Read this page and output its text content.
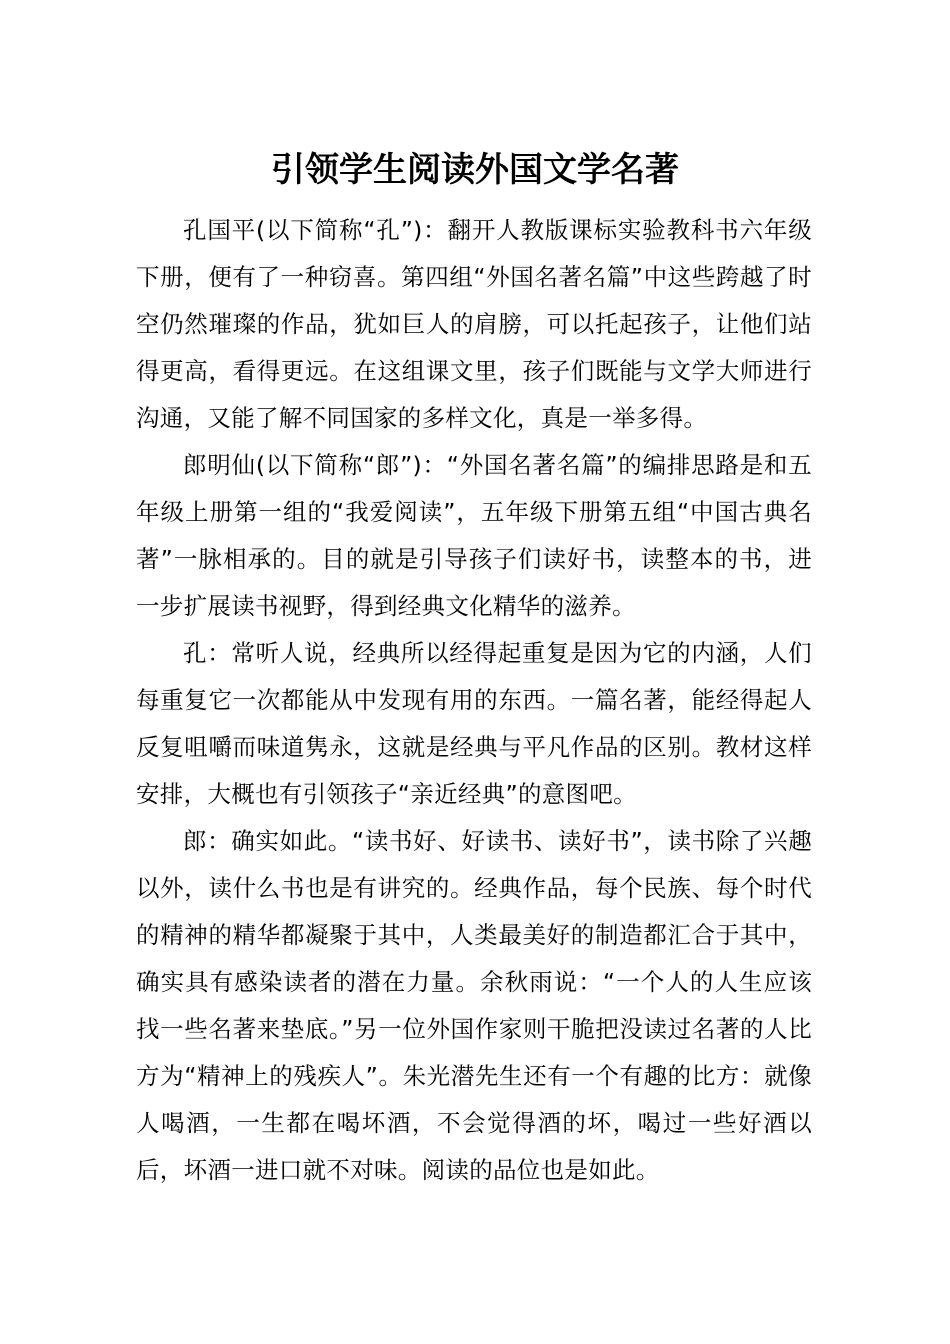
引领学生阅读外国文学名著

孔国平(以下简称“孔”)：翻开人教版课标实验教科书六年级下册，便有了一种窃喜。第四组“外国名著名篇”中这些跨越了时空仍然璀璨的作品，犹如巨人的肩膀，可以托起孩子，让他们站得更高，看得更远。在这组课文里，孩子们既能与文学大师进行沟通，又能了解不同国家的多样文化，真是一举多得。

郎明仙(以下简称“郎”)：“外国名著名篇”的编排思路是和五年级上册第一组的“我爱阅读”，五年级下册第五组“中国古典名著”一脉相承的。目的就是引导孩子们读好书，读整本的书，进一步扩展读书视野，得到经典文化精华的滋养。

孔：常听人说，经典所以经得起重复是因为它的内涵，人们每重复它一次都能从中发现有用的东西。一篇名著，能经得起人反复咀嚼而味道隽永，这就是经典与平凡作品的区别。教材这样安排，大概也有引领孩子“亲近经典”的意图吧。

郎：确实如此。“读书好、好读书、读好书”，读书除了兴趣以外，读什么书也是有讲究的。经典作品，每个民族、每个时代的精神的精华都凝聚于其中，人类最美好的制造都汇合于其中，确实具有感染读者的潜在力量。余秋雨说：“一个人的人生应该找一些名著来垫底。”另一位外国作家则干脆把没读过名著的人比方为“精神上的残疾人”。朱光潜先生还有一个有趣的比方：就像人喝酒，一生都在喝坏酒，不会觉得酒的坏，喝过一些好酒以后，坏酒一进口就不对味。阅读的品位也是如此。
